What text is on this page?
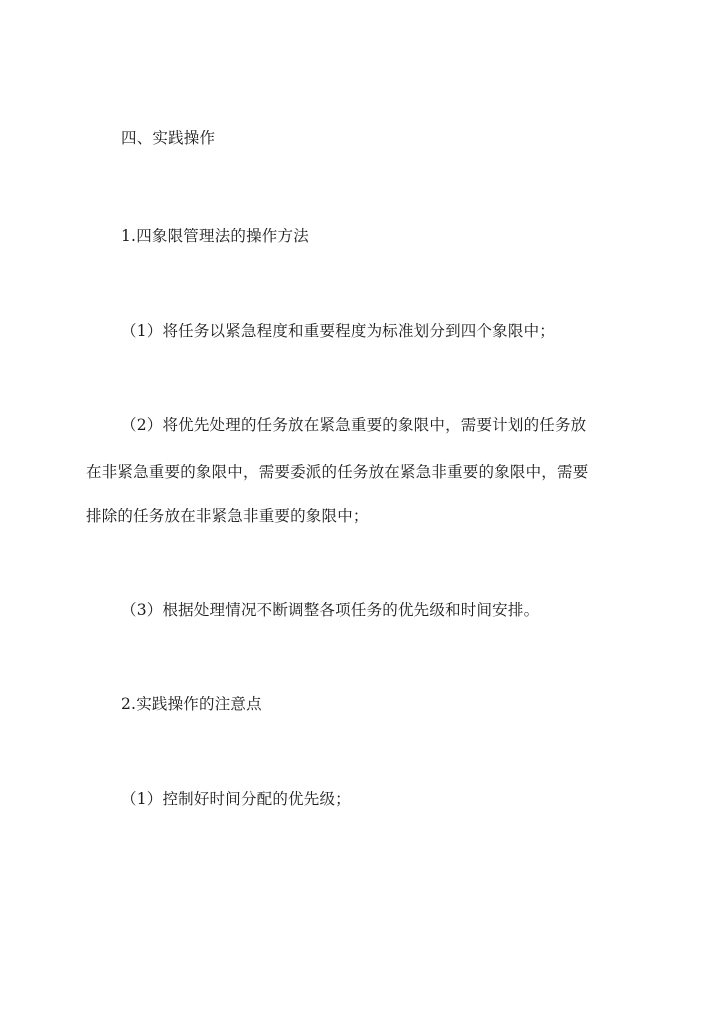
四、实践操作
1.四象限管理法的操作方法
（1）将任务以紧急程度和重要程度为标准划分到四个象限中；
（2）将优先处理的任务放在紧急重要的象限中，需要计划的任务放
在非紧急重要的象限中，需要委派的任务放在紧急非重要的象限中，需要
排除的任务放在非紧急非重要的象限中；
（3）根据处理情况不断调整各项任务的优先级和时间安排。
2.实践操作的注意点
（1）控制好时间分配的优先级；
